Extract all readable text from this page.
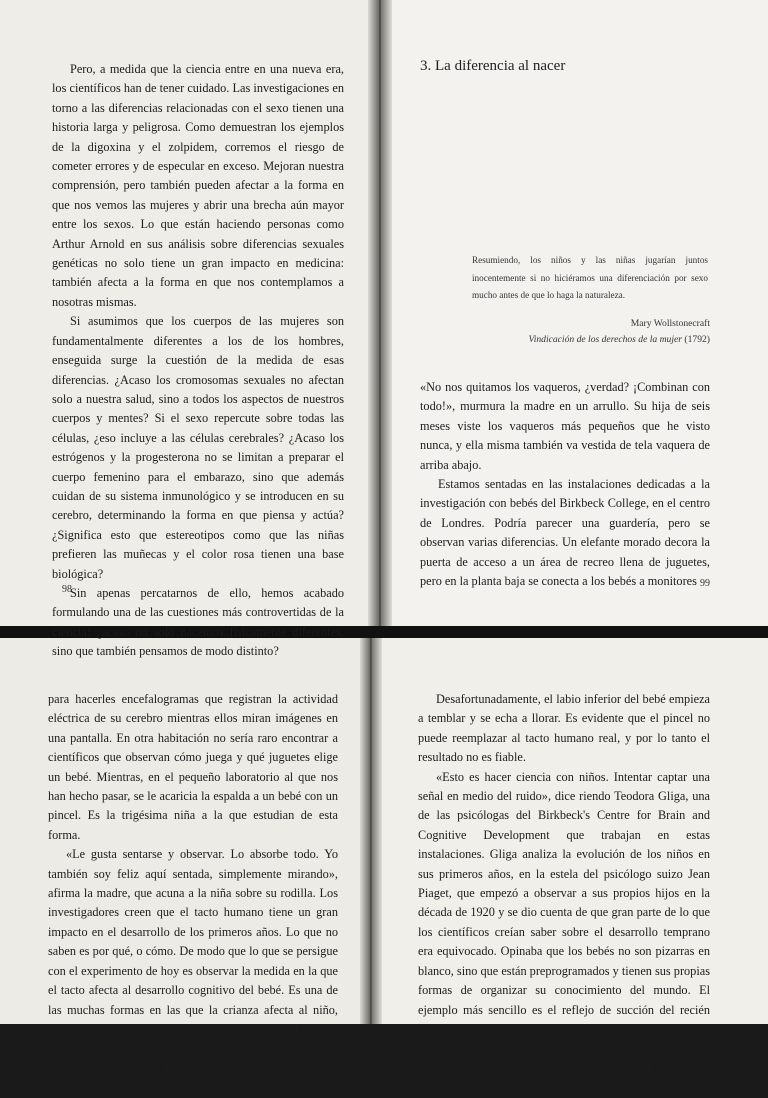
Pero, a medida que la ciencia entre en una nueva era, los científicos han de tener cuidado. Las investigaciones en torno a las diferencias relacionadas con el sexo tienen una historia larga y peligrosa. Como demuestran los ejemplos de la digoxina y el zolpidem, corremos el riesgo de cometer errores y de especular en exceso. Mejoran nuestra comprensión, pero también pueden afectar a la forma en que nos vemos las mujeres y abrir una brecha aún mayor entre los sexos. Lo que están haciendo personas como Arthur Arnold en sus análisis sobre diferencias sexuales genéticas no solo tiene un gran impacto en medicina: también afecta a la forma en que nos contemplamos a nosotras mismas.

Si asumimos que los cuerpos de las mujeres son fundamentalmente diferentes a los de los hombres, enseguida surge la cuestión de la medida de esas diferencias. ¿Acaso los cromosomas sexuales no afectan solo a nuestra salud, sino a todos los aspectos de nuestros cuerpos y mentes? Si el sexo repercute sobre todas las células, ¿eso incluye a las células cerebrales? ¿Acaso los estrógenos y la progesterona no se limitan a preparar el cuerpo femenino para el embarazo, sino que además cuidan de su sistema inmunológico y se introducen en su cerebro, determinando la forma en que piensa y actúa? ¿Significa esto que estereotipos como que las niñas prefieren las muñecas y el color rosa tienen una base biológica?

Sin apenas percatarnos de ello, hemos acabado formulando una de las cuestiones más controvertidas de la ciencia: ¿acaso no solo nacemos físicamente diferentes, sino que también pensamos de modo distinto?

98
3. La diferencia al nacer
Resumiendo, los niños y las niñas jugarían juntos inocentemente si no hiciéramos una diferenciación por sexo mucho antes de que lo haga la naturaleza.
Mary Wollstonecraft
Vindicación de los derechos de la mujer (1792)

«No nos quitamos los vaqueros, ¿verdad? ¡Combinan con todo!», murmura la madre en un arrullo. Su hija de seis meses viste los vaqueros más pequeños que he visto nunca, y ella misma también va vestida de tela vaquera de arriba abajo.

Estamos sentadas en las instalaciones dedicadas a la investigación con bebés del Birkbeck College, en el centro de Londres. Podría parecer una guardería, pero se observan varias diferencias. Un elefante morado decora la puerta de acceso a un área de recreo llena de juguetes, pero en la planta baja se conecta a los bebés a monitores 99

para hacerles encefalogramas que registran la actividad eléctrica de su cerebro mientras ellos miran imágenes en una pantalla. En otra habitación no sería raro encontrar a científicos que observan cómo juega y qué juguetes elige un bebé. Mientras, en el pequeño laboratorio al que nos han hecho pasar, se le acaricia la espalda a un bebé con un pincel. Es la trigésima niña a la que estudian de esta forma.

«Le gusta sentarse y observar. Lo absorbe todo. Yo también soy feliz aquí sentada, simplemente mirando», afirma la madre, que acuna a la niña sobre su rodilla. Los investigadores creen que el tacto humano tiene un gran impacto en el desarrollo de los primeros años. Lo que no saben es por qué, o cómo. De modo que lo que se persigue con el experimento de hoy es observar la medida en la que el tacto afecta al desarrollo cognitivo del bebé. Es una de las muchas formas en las que la crianza afecta al niño, pues va moldeando lentamente a la persona que llegará a ser.

Aunque los niños son un encanto, estudiarlos de esta

Desafortunadamente, el labio inferior del bebé empieza a temblar y se echa a llorar. Es evidente que el pincel no puede reemplazar al tacto humano real, y por lo tanto el resultado no es fiable.

«Esto es hacer ciencia con niños. Intentar captar una señal en medio del ruido», dice riendo Teodora Gliga, una de las psicólogas del Birkbeck's Centre for Brain and Cognitive Development que trabajan en estas instalaciones. Gliga analiza la evolución de los niños en sus primeros años, en la estela del psicólogo suizo Jean Piaget, que empezó a observar a sus propios hijos en la década de 1920 y se dio cuenta de que gran parte de lo que los científicos creían saber sobre el desarrollo temprano era equivocado. Opinaba que los bebés no son pizarras en blanco, sino que están preprogramados y tienen sus propias formas de organizar su conocimiento del mundo. El ejemplo más sencillo es el reflejo de succión del recién nacido.

Sin embargo, los científicos se están dando cuenta de que esto es solo el principio. Su objetivo es determinar la inteligencia de los niños al nacer y lo que implica. Las
